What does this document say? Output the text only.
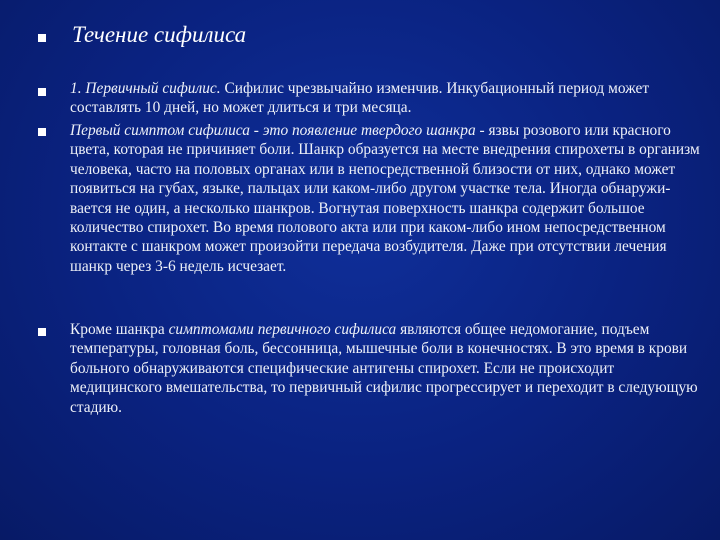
Течение сифилиса
1. Первичный сифилис. Сифилис чрезвычайно изменчив. Инкубационный период может составлять 10 дней, но может длиться и три месяца.
Первый симптом сифилиса - это появление твердого шанкра - язвы розового или красного цвета, которая не причиняет боли. Шанкр образуется на месте внедрения спирохеты в организм человека, часто на половых органах или в непосредственной близости от них, однако может появиться на губах, языке, пальцах или каком-либо другом участке тела. Иногда обнаружи-вается не один, а несколько шанкров. Вогнутая поверхность шанкра содержит большое количество спирохет. Во время полового акта или при каком-либо ином непосредственном контакте с шанкром может произойти передача возбудителя. Даже при отсутствии лечения шанкр через 3-6 недель исчезает.
Кроме шанкра симптомами первичного сифилиса являются общее недомогание, подъем температуры, головная боль, бессонница, мышечные боли в конечностях. В это время в крови больного обнаруживаются специфические антигены спирохет. Если не происходит медицинского вмешательства, то первичный сифилис прогрессирует и переходит в следующую стадию.
